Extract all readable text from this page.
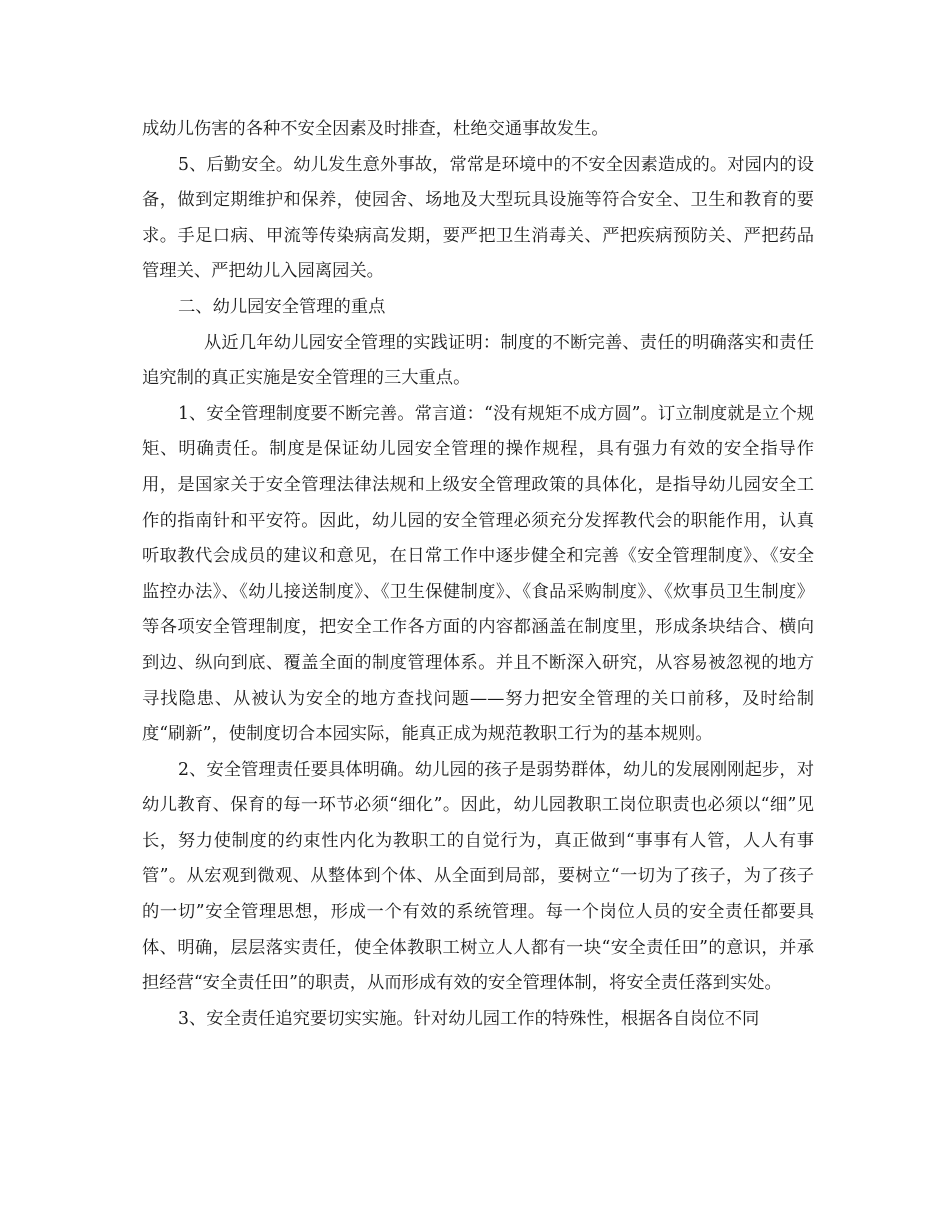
成幼儿伤害的各种不安全因素及时排查，杜绝交通事故发生。

5、后勤安全。幼儿发生意外事故，常常是环境中的不安全因素造成的。对园内的设备，做到定期维护和保养，使园舍、场地及大型玩具设施等符合安全、卫生和教育的要求。手足口病、甲流等传染病高发期，要严把卫生消毒关、严把疾病预防关、严把药品管理关、严把幼儿入园离园关。

二、幼儿园安全管理的重点

从近几年幼儿园安全管理的实践证明：制度的不断完善、责任的明确落实和责任追究制的真正实施是安全管理的三大重点。

1、安全管理制度要不断完善。常言道：“没有规矩不成方圆”。订立制度就是立个规矩、明确责任。制度是保证幼儿园安全管理的操作规程，具有强力有效的安全指导作用，是国家关于安全管理法律法规和上级安全管理政策的具体化，是指导幼儿园安全工作的指南针和平安符。因此，幼儿园的安全管理必须充分发挥教代会的职能作用，认真听取教代会成员的建议和意见，在日常工作中逐步健全和完善《安全管理制度》、《安全监控办法》、《幼儿接送制度》、《卫生保健制度》、《食品采购制度》、《炊事员卫生制度》等各项安全管理制度，把安全工作各方面的内容都涵盖在制度里，形成条块结合、横向到边、纵向到底、覆盖全面的制度管理体系。并且不断深入研究，从容易被忽视的地方寻找隐患、从被认为安全的地方查找问题——努力把安全管理的关口前移，及时给制度“刷新”，使制度切合本园实际，能真正成为规范教职工行为的基本规则。

2、安全管理责任要具体明确。幼儿园的孩子是弱势群体，幼儿的发展刚刚起步，对幼儿教育、保育的每一环节必须“细化”。因此，幼儿园教职工岗位职责也必须以“细”见长，努力使制度的约束性内化为教职工的自觉行为，真正做到“事事有人管，人人有事管”。从宏观到微观、从整体到个体、从全面到局部，要树立“一切为了孩子，为了孩子的一切”安全管理思想，形成一个有效的系统管理。每一个岗位人员的安全责任都要具体、明确，层层落实责任，使全体教职工树立人人都有一块“安全责任田”的意识，并承担经营“安全责任田”的职责，从而形成有效的安全管理体制，将安全责任落到实处。

3、安全责任追究要切实实施。针对幼儿园工作的特殊性，根据各自岗位不同
